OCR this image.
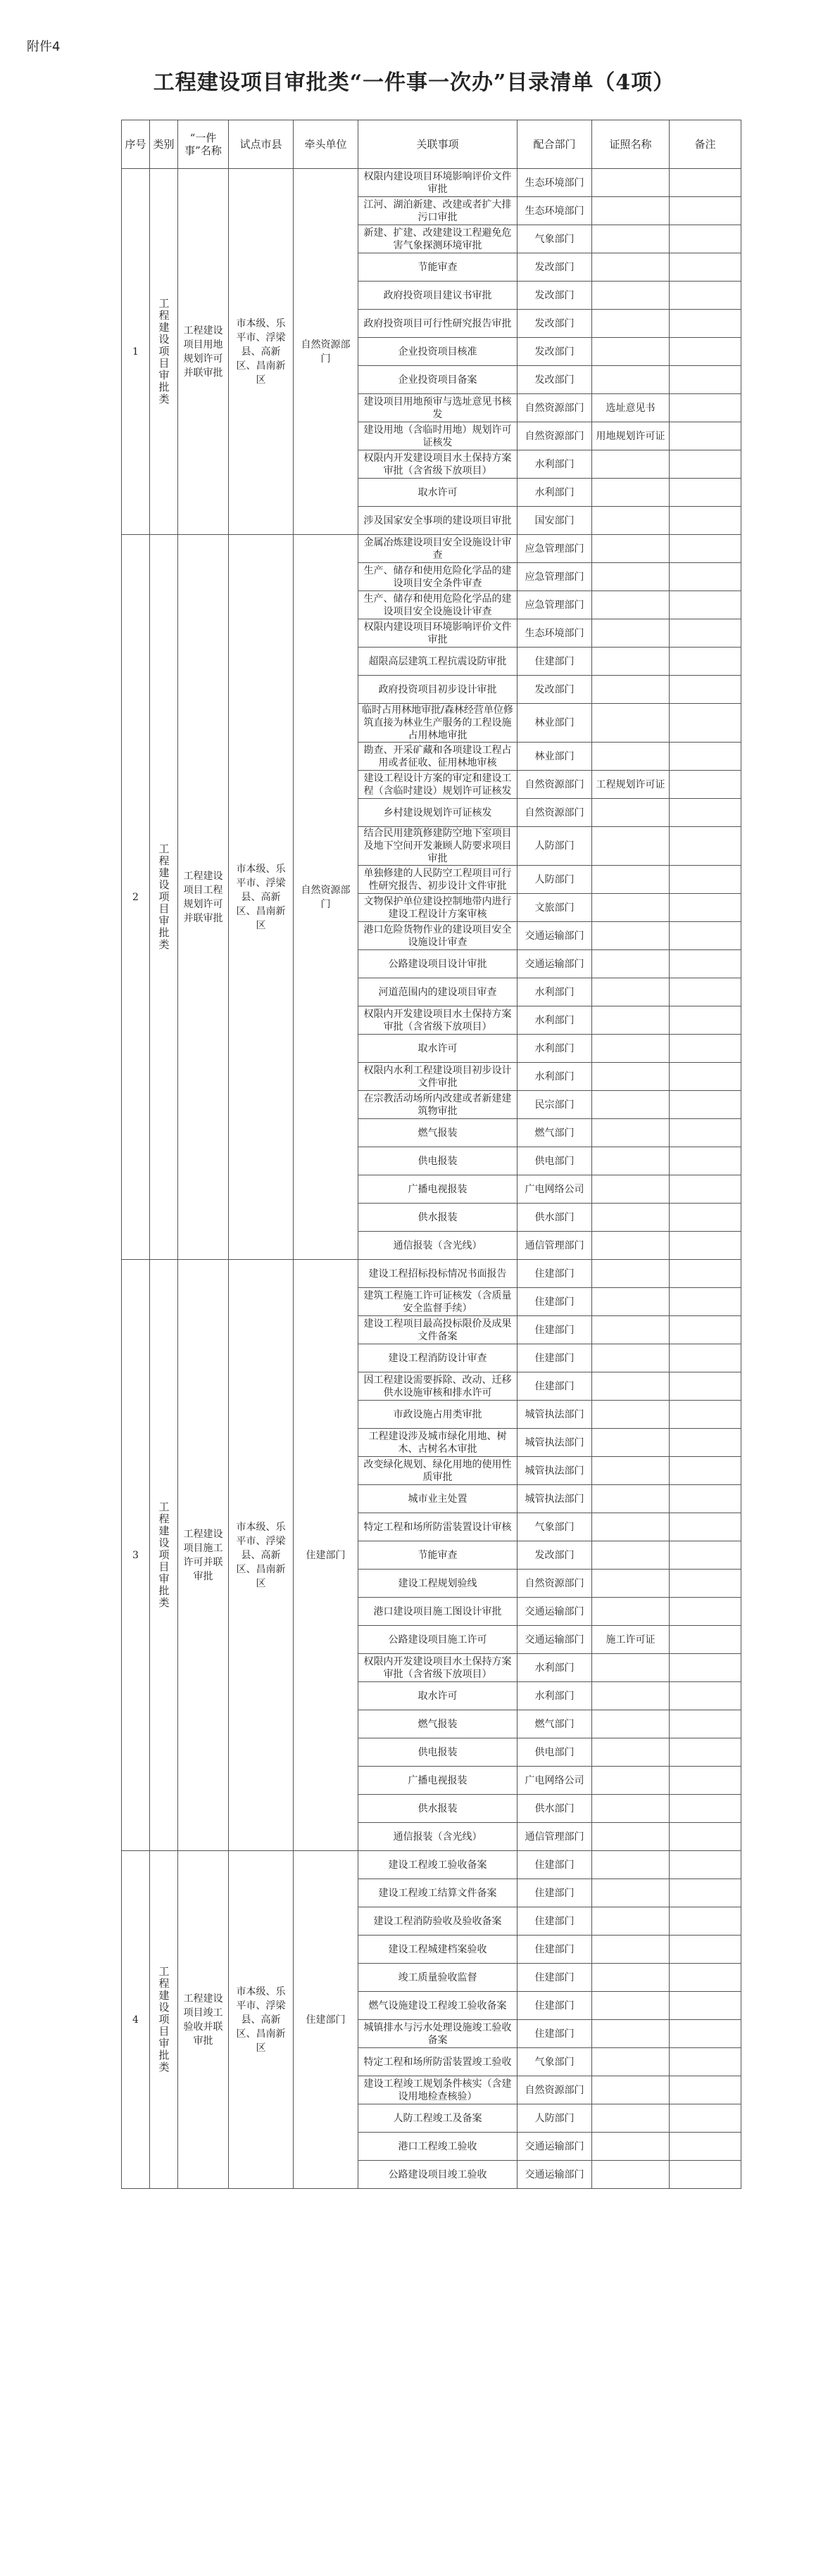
附件4
工程建设项目审批类“一件事一次办”目录清单（4项）
序号	类别	“一件事”名称	试点市县	牵头单位	关联事项	配合部门	证照名称	备注
1	工程建设项目审批类	工程建设项目用地规划许可并联审批	市本级、乐平市、浮梁县、高新区、昌南新区	自然资源部门	权限内建设项目环境影响评价文件审批	生态环境部门		
					江河、湖泊新建、改建或者扩大排污口审批	生态环境部门		
					新建、扩建、改建建设工程避免危害气象探测环境审批	气象部门		
					节能审查	发改部门		
					政府投资项目建议书审批	发改部门		
					政府投资项目可行性研究报告审批	发改部门		
					企业投资项目核准	发改部门		
					企业投资项目备案	发改部门		
					建设项目用地预审与选址意见书核发	自然资源部门	选址意见书	
					建设用地（含临时用地）规划许可证核发	自然资源部门	用地规划许可证	
					权限内开发建设项目水土保持方案审批（含省级下放项目）	水利部门		
					取水许可	水利部门		
					涉及国家安全事项的建设项目审批	国安部门		
2	工程建设项目审批类	工程建设项目工程规划许可并联审批	市本级、乐平市、浮梁县、高新区、昌南新区	自然资源部门	金属冶炼建设项目安全设施设计审查	应急管理部门		
					生产、储存和使用危险化学品的建设项目安全条件审查	应急管理部门		
					生产、储存和使用危险化学品的建设项目安全设施设计审查	应急管理部门		
					权限内建设项目环境影响评价文件审批	生态环境部门		
					超限高层建筑工程抗震设防审批	住建部门		
					政府投资项目初步设计审批	发改部门		
					临时占用林地审批/森林经营单位修筑直接为林业生产服务的工程设施占用林地审批	林业部门		
					勘查、开采矿藏和各项建设工程占用或者征收、征用林地审核	林业部门		
					建设工程设计方案的审定和建设工程（含临时建设）规划许可证核发	自然资源部门	工程规划许可证	
					乡村建设规划许可证核发	自然资源部门		
					结合民用建筑修建防空地下室项目及地下空间开发兼顾人防要求项目审批	人防部门		
					单独修建的人民防空工程项目可行性研究报告、初步设计文件审批	人防部门		
					文物保护单位建设控制地带内进行建设工程设计方案审核	文旅部门		
					港口危险货物作业的建设项目安全设施设计审查	交通运输部门		
					公路建设项目设计审批	交通运输部门		
					河道范围内的建设项目审查	水利部门		
					权限内开发建设项目水土保持方案审批（含省级下放项目）	水利部门		
					取水许可	水利部门		
					权限内水利工程建设项目初步设计文件审批	水利部门		
					在宗教活动场所内改建或者新建建筑物审批	民宗部门		
					燃气报装	燃气部门		
					供电报装	供电部门		
					广播电视报装	广电网络公司		
					供水报装	供水部门		
					通信报装（含光线）	通信管理部门		
3	工程建设项目审批类	工程建设项目施工许可并联审批	市本级、乐平市、浮梁县、高新区、昌南新区	住建部门	建设工程招标投标情况书面报告	住建部门		
					建筑工程施工许可证核发（含质量安全监督手续）	住建部门		
					建设工程项目最高投标限价及成果文件备案	住建部门		
					建设工程消防设计审查	住建部门		
					因工程建设需要拆除、改动、迁移供水设施审核和排水许可	住建部门		
					市政设施占用类审批	城管执法部门		
					工程建设涉及城市绿化用地、树木、古树名木审批	城管执法部门		
					改变绿化规划、绿化用地的使用性质审批	城管执法部门		
					城市业主处置	城管执法部门		
					特定工程和场所防雷装置设计审核	气象部门		
					节能审查	发改部门		
					建设工程规划验线	自然资源部门		
					港口建设项目施工图设计审批	交通运输部门		
					公路建设项目施工许可	交通运输部门	施工许可证	
					权限内开发建设项目水土保持方案审批（含省级下放项目）	水利部门		
					取水许可	水利部门		
					燃气报装	燃气部门		
					供电报装	供电部门		
					广播电视报装	广电网络公司		
					供水报装	供水部门		
					通信报装（含光线）	通信管理部门		
4	工程建设项目审批类	工程建设项目竣工验收并联审批	市本级、乐平市、浮梁县、高新区、昌南新区	住建部门	建设工程竣工验收备案	住建部门		
					建设工程竣工结算文件备案	住建部门		
					建设工程消防验收及验收备案	住建部门		
					建设工程城建档案验收	住建部门		
					竣工质量验收监督	住建部门		
					燃气设施建设工程竣工验收备案	住建部门		
					城镇排水与污水处理设施竣工验收备案	住建部门		
					特定工程和场所防雷装置竣工验收	气象部门		
					建设工程竣工规划条件核实（含建设用地检查核验）	自然资源部门		
					人防工程竣工及备案	人防部门		
					港口工程竣工验收	交通运输部门		
					公路建设项目竣工验收	交通运输部门		
